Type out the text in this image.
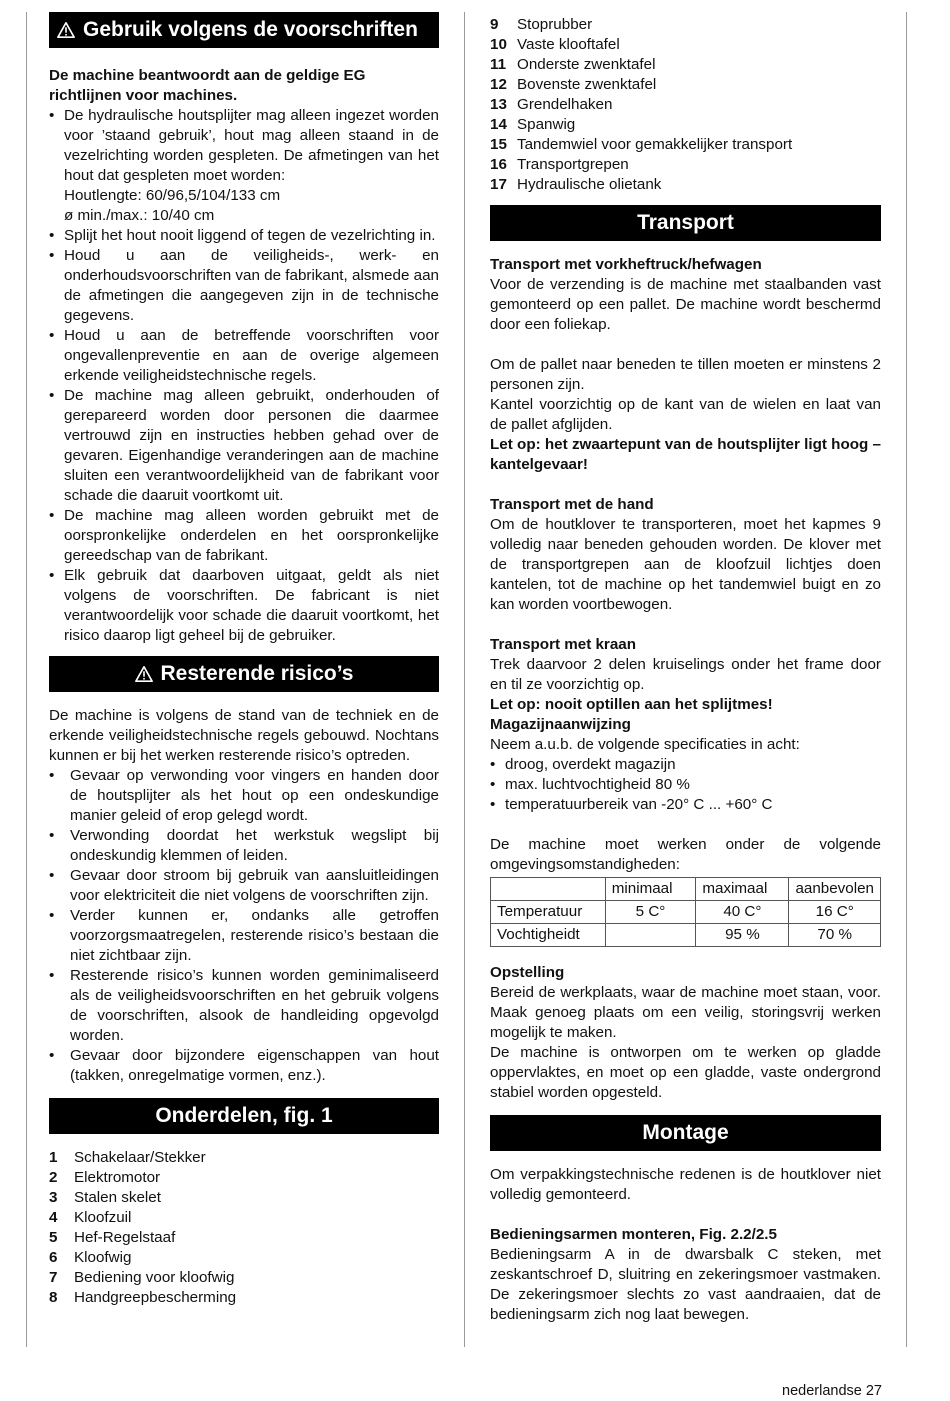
Gebruik volgens de voorschriften

De machine beantwoordt aan de geldige EG richtlijnen voor machines.

• De hydraulische houtsplijter mag alleen ingezet worden voor ’staand gebruik’, hout mag alleen staand in de vezelrichting worden gespleten. De afmetingen van het hout dat gespleten moet worden:
Houtlengte: 60/96,5/104/133 cm
ø min./max.: 10/40 cm
• Splijt het hout nooit liggend of tegen de vezelrichting in.
• Houd u aan de veiligheids-, werk- en onderhoudsvoorschriften van de fabrikant, alsmede aan de afmetingen die aangegeven zijn in de technische gegevens.
• Houd u aan de betreffende voorschriften voor ongevallenpreventie en aan de overige algemeen erkende veiligheidstechnische regels.
• De machine mag alleen gebruikt, onderhouden of gerepareerd worden door personen die daarmee vertrouwd zijn en instructies hebben gehad over de gevaren. Eigenhandige veranderingen aan de machine sluiten een verantwoordelijkheid van de fabrikant voor schade die daaruit voortkomt uit.
• De machine mag alleen worden gebruikt met de oorspronkelijke onderdelen en het oorspronkelijke gereedschap van de fabrikant.
• Elk gebruik dat daarboven uitgaat, geldt als niet volgens de voorschriften. De fabricant is niet verantwoordelijk voor schade die daaruit voortkomt, het risico daarop ligt geheel bij de gebruiker.
Resterende risico’s

De machine is volgens de stand van de techniek en de erkende veiligheidstechnische regels gebouwd. Nochtans kunnen er bij het werken resterende risico’s optreden.

• Gevaar op verwonding voor vingers en handen door de houtsplijter als het hout op een ondeskundige manier geleid of erop gelegd wordt.
• Verwonding doordat het werkstuk wegslipt bij ondeskundig klemmen of leiden.
• Gevaar door stroom bij gebruik van aansluitleidingen voor elektriciteit die niet volgens de voorschriften zijn.
• Verder kunnen er, ondanks alle getroffen voorzorgsmaatregelen, resterende risico’s bestaan die niet zichtbaar zijn.
• Resterende risico’s kunnen worden geminimaliseerd als de veiligheidsvoorschriften en het gebruik volgens de voorschriften, alsook de handleiding opgevolgd worden.
• Gevaar door bijzondere eigenschappen van hout (takken, onregelmatige vormen, enz.).
Onderdelen, fig. 1
1	Schakelaar/Stekker
2	Elektromotor
3	Stalen skelet
4	Kloofzuil
5	Hef-Regelstaaf
6	Kloofwig
7	Bediening voor kloofwig
8	Handgreepbescherming
9	Stoprubber
10 Vaste klooftafel
11 Onderste zwenktafel
12 Bovenste zwenktafel
13 Grendelhaken
14 Spanwig
15 Tandemwiel voor gemakkelijker transport
16 Transportgrepen
17 Hydraulische olietank
Transport

Transport met vorkheftruck/hefwagen

Voor de verzending is de machine met staalbanden vast gemonteerd op een pallet. De machine wordt beschermd door een foliekap.

Om de pallet naar beneden te tillen moeten er minstens 2 personen zijn.

Kantel voorzichtig op de kant van de wielen en laat van de pallet afglijden.

Let op: het zwaartepunt van de houtsplijter ligt hoog – kantelgevaar!

Transport met de hand

Om de houtklover te transporteren, moet het kapmes 9 volledig naar beneden gehouden worden. De klover met de transportgrepen aan de kloofzuil lichtjes doen kantelen, tot de machine op het tandemwiel buigt en zo kan worden voortbewogen.

Transport met kraan

Trek daarvoor 2 delen kruiselings onder het frame door en til ze voorzichtig op.

Let op: nooit optillen aan het splijtmes!

Magazijnaanwijzing

Neem a.u.b. de volgende specificaties in acht:

• droog, overdekt magazijn
• max. luchtvochtigheid 80 %
• temperatuurbereik van -20° C ... +60° C

De machine moet werken onder de volgende omgevingsomstandigheden:

	minimaal	maximaal	aanbevolen
Temperatuur	5 C°	40 C°	16 C°
Vochtigheidt		95 %	70 %

Opstelling

Bereid de werkplaats, waar de machine moet staan, voor. Maak genoeg plaats om een veilig, storingsvrij werken mogelijk te maken.

De machine is ontworpen om te werken op gladde oppervlaktes, en moet op een gladde, vaste ondergrond stabiel worden opgesteld.

Montage

Om verpakkingstechnische redenen is de houtklover niet volledig gemonteerd.

Bedieningsarmen monteren, Fig. 2.2/2.5

Bedieningsarm A in de dwarsbalk C steken, met zeskantschroef D, sluitring en zekeringsmoer vastmaken. De zekeringsmoer slechts zo vast aandraaien, dat de bedieningsarm zich nog laat bewegen.

nederlandse 27
